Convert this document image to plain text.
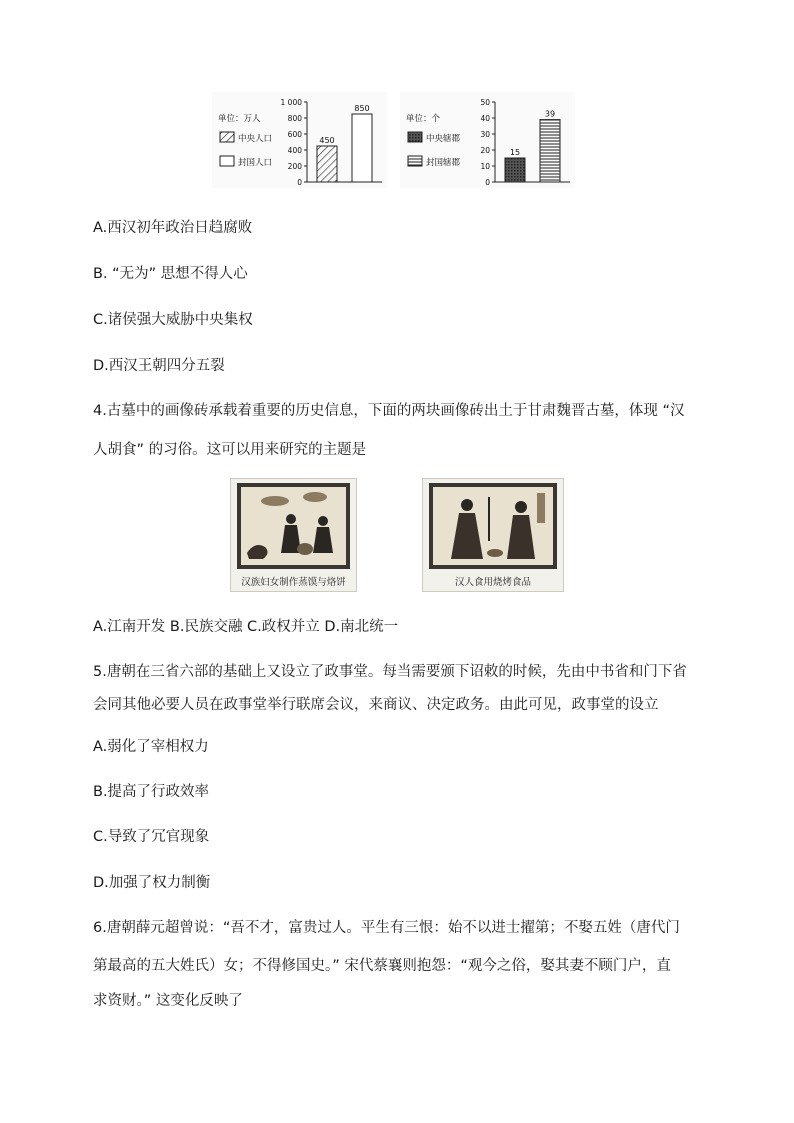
单位：万人
中央人口
封国人口
0
200
400
600
800
1 000
450
850
单位：个
中央辖郡
封国辖郡
0
10
20
30
40
50
15
39
A.西汉初年政治日趋腐败
B. “无为” 思想不得人心
C.诸侯强大威胁中央集权
D.西汉王朝四分五裂
4.古墓中的画像砖承载着重要的历史信息，下面的两块画像砖出土于甘肃魏晋古墓，体现 “汉
人胡食” 的习俗。这可以用来研究的主题是
汉族妇女制作蒸馍与烙饼	汉人食用烧烤食品
A.江南开发 B.民族交融 C.政权并立 D.南北统一
5.唐朝在三省六部的基础上又设立了政事堂。每当需要颁下诏敕的时候，先由中书省和门下省
会同其他必要人员在政事堂举行联席会议，来商议、决定政务。由此可见，政事堂的设立
A.弱化了宰相权力
B.提高了行政效率
C.导致了冗官现象
D.加强了权力制衡
6.唐朝薛元超曾说：“吾不才，富贵过人。平生有三恨：始不以进士擢第；不娶五姓（唐代门
第最高的五大姓氏）女；不得修国史。” 宋代蔡襄则抱怨：“观今之俗，娶其妻不顾门户，直
求资财。” 这变化反映了
